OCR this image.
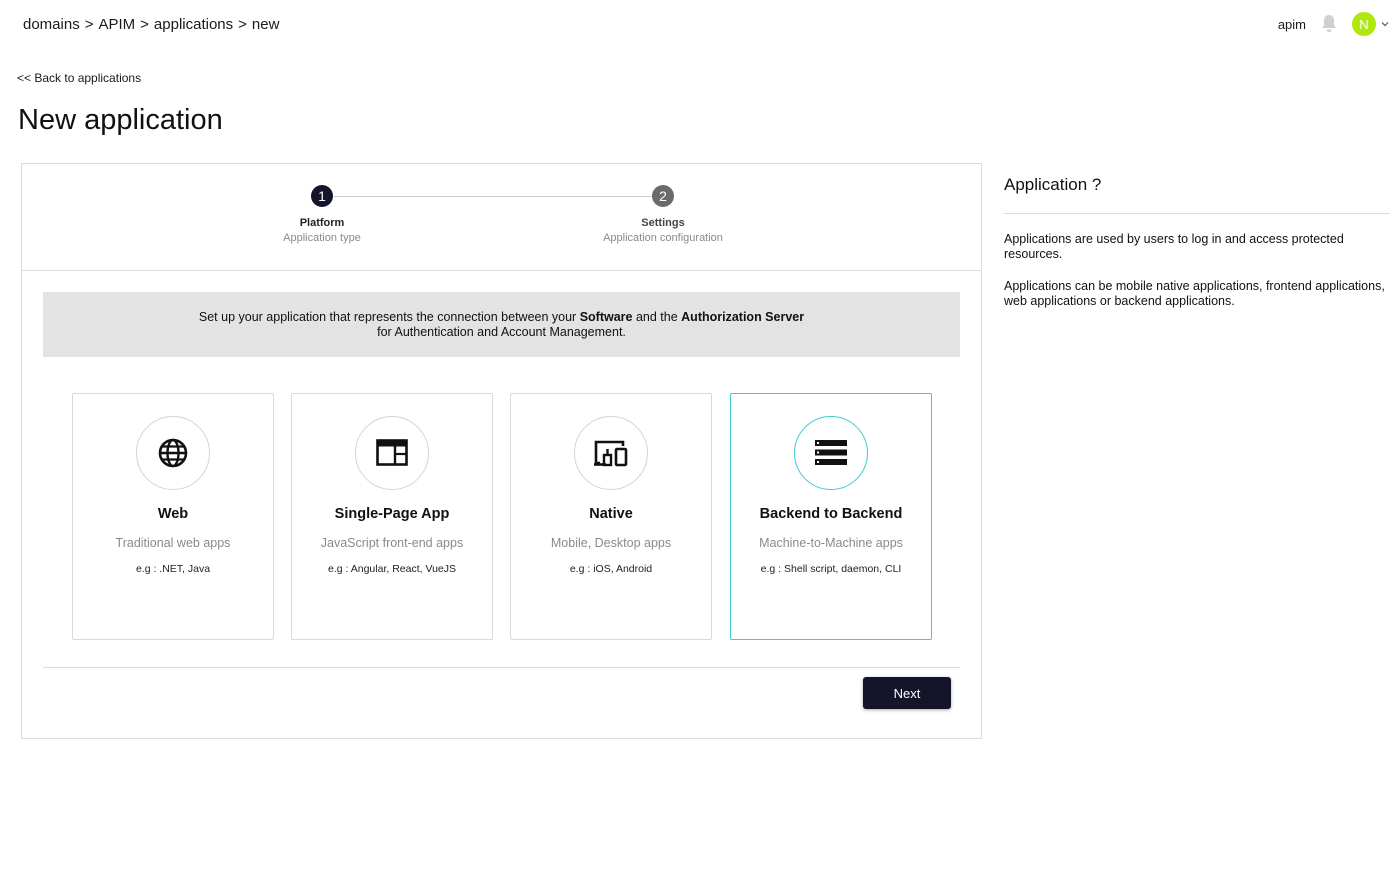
domains > APIM > applications > new	apim	N
<< Back to applications
New application
1
Platform
Application type
2
Settings
Application configuration
Set up your application that represents the connection between your Software and the Authorization Server
for Authentication and Account Management.
Web
Traditional web apps
e.g : .NET, Java
Single-Page App
JavaScript front-end apps
e.g : Angular, React, VueJS
Native
Mobile, Desktop apps
e.g : iOS, Android
Backend to Backend
Machine-to-Machine apps
e.g : Shell script, daemon, CLI
Next
Application ?

Applications are used by users to log in and access protected resources.

Applications can be mobile native applications, frontend applications, web applications or backend applications.
